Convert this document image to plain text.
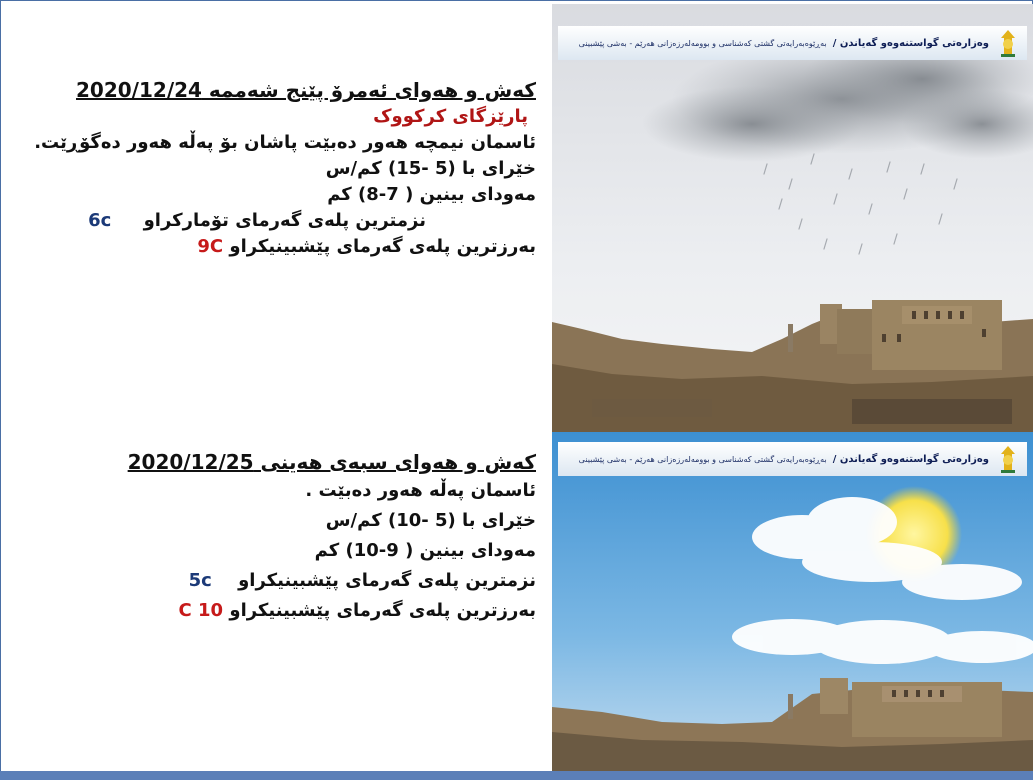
کەش و هەوای ئەمرۆ پێنج شەممە 2020/12/24
پارێزگای کرکووک
ئاسمان نیمچە هەور دەبێت پاشان بۆ پەڵە هەور دەگۆڕێت.
خێرای با (5 -15) کم/س
مەودای بینین ( 7-8) کم
نزمترین پلەی گەرمای تۆمارکراو 6c
بەرزترین پلەی گەرمای پێشبینیکراو 9C
کەش و هەوای سبەی هەینی 2020/12/25
ئاسمان پەڵە هەور دەبێت .
خێرای با (5 -10) کم/س
مەودای بینین ( 9-10) کم
نزمترین پلەی گەرمای پێشبینیکراو 5c
بەرزترین پلەی گەرمای پێشبینیکراو 10 C
وەزارەتی گواستنەوەو گەیاندن /
بەڕێوەبەرایەتی گشتی کەشناسی و بوومەلەرزەزانی هەرێم - بەشی پێشبینی
وەزارەتی گواستنەوەو گەیاندن /
بەڕێوەبەرایەتی گشتی کەشناسی و بوومەلەرزەزانی هەرێم - بەشی پێشبینی
